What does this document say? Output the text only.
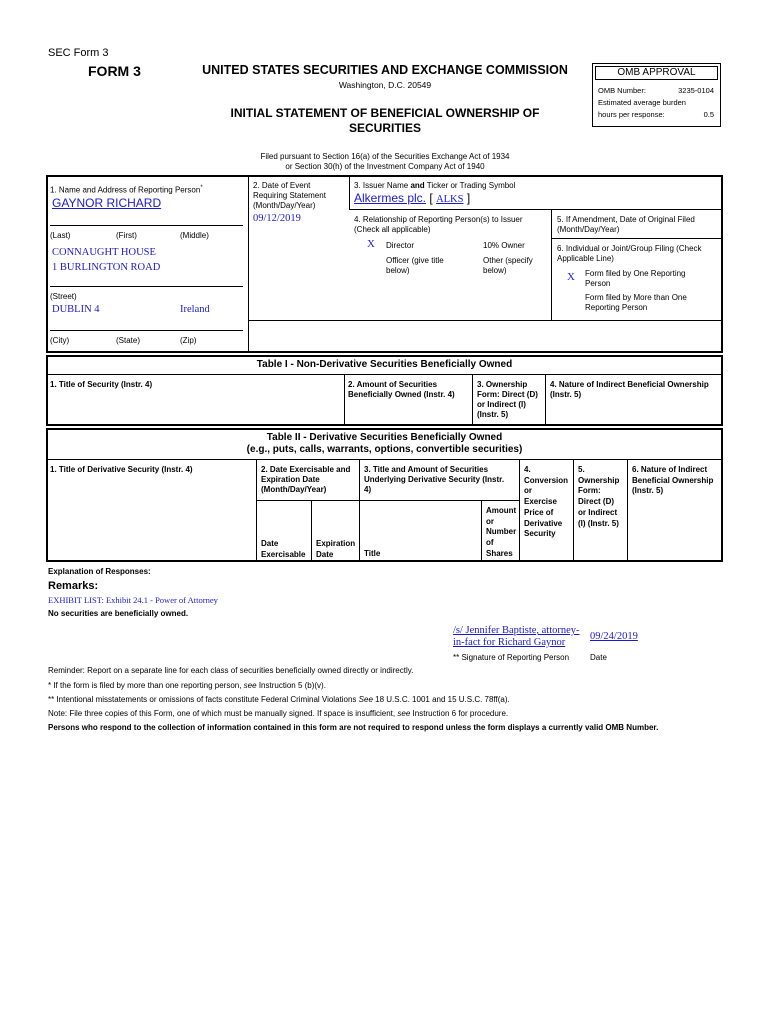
SEC Form 3
FORM 3	UNITED STATES SECURITIES AND EXCHANGE COMMISSION
Washington, D.C. 20549
INITIAL STATEMENT OF BENEFICIAL OWNERSHIP OF
SECURITIES
Filed pursuant to Section 16(a) of the Securities Exchange Act of 1934
or Section 30(h) of the Investment Company Act of 1940
OMB APPROVAL
OMB Number:	3235-0104
Estimated average burden
hours per response:	0.5
1. Name and Address of Reporting Person*
GAYNOR RICHARD
(Last)	(First)	(Middle)
CONNAUGHT HOUSE
1 BURLINGTON ROAD
(Street)
DUBLIN 4	Ireland
(City)	(State)	(Zip)
2. Date of Event
Requiring Statement
(Month/Day/Year)
09/12/2019
3. Issuer Name and Ticker or Trading Symbol
Alkermes plc. [ ALKS ]
4. Relationship of Reporting Person(s) to Issuer
(Check all applicable)
X Director	10% Owner
Officer (give title
below)
Other (specify
below)
5. If Amendment, Date of Original Filed
(Month/Day/Year)
6. Individual or Joint/Group Filing (Check
Applicable Line)
X Form filed by One Reporting
Person
Form filed by More than One
Reporting Person
Table I - Non-Derivative Securities Beneficially Owned
1. Title of Security (Instr. 4)	2. Amount of Securities
Beneficially Owned (Instr. 4)
3. Ownership
Form: Direct (D)
or Indirect (I)
(Instr. 5)
4. Nature of Indirect Beneficial Ownership
(Instr. 5)
Table II - Derivative Securities Beneficially Owned
(e.g., puts, calls, warrants, options, convertible securities)
1. Title of Derivative Security (Instr. 4)	2. Date Exercisable and
Expiration Date
(Month/Day/Year)
3. Title and Amount of Securities
Underlying Derivative Security (Instr.
4)
4.
Conversion
or
Exercise
Price of
Derivative
Security
5.
Ownership
Form:
Direct (D)
or Indirect
(I) (Instr. 5)
6. Nature of Indirect
Beneficial Ownership
(Instr. 5)
Date
Exercisable
Expiration
Date	Title
Amount
or
Number
of
Shares
Explanation of Responses:
Remarks:
EXHIBIT LIST: Exhibit 24.1 - Power of Attorney
No securities are beneficially owned.
/s/ Jennifer Baptiste, attorney-
in-fact for Richard Gaynor
09/24/2019
** Signature of Reporting Person	Date
Reminder: Report on a separate line for each class of securities beneficially owned directly or indirectly.
* If the form is filed by more than one reporting person, see Instruction 5 (b)(v).
** Intentional misstatements or omissions of facts constitute Federal Criminal Violations See 18 U.S.C. 1001 and 15 U.S.C. 78ff(a).
Note: File three copies of this Form, one of which must be manually signed. If space is insufficient, see Instruction 6 for procedure.
Persons who respond to the collection of information contained in this form are not required to respond unless the form displays a currently valid OMB Number.
